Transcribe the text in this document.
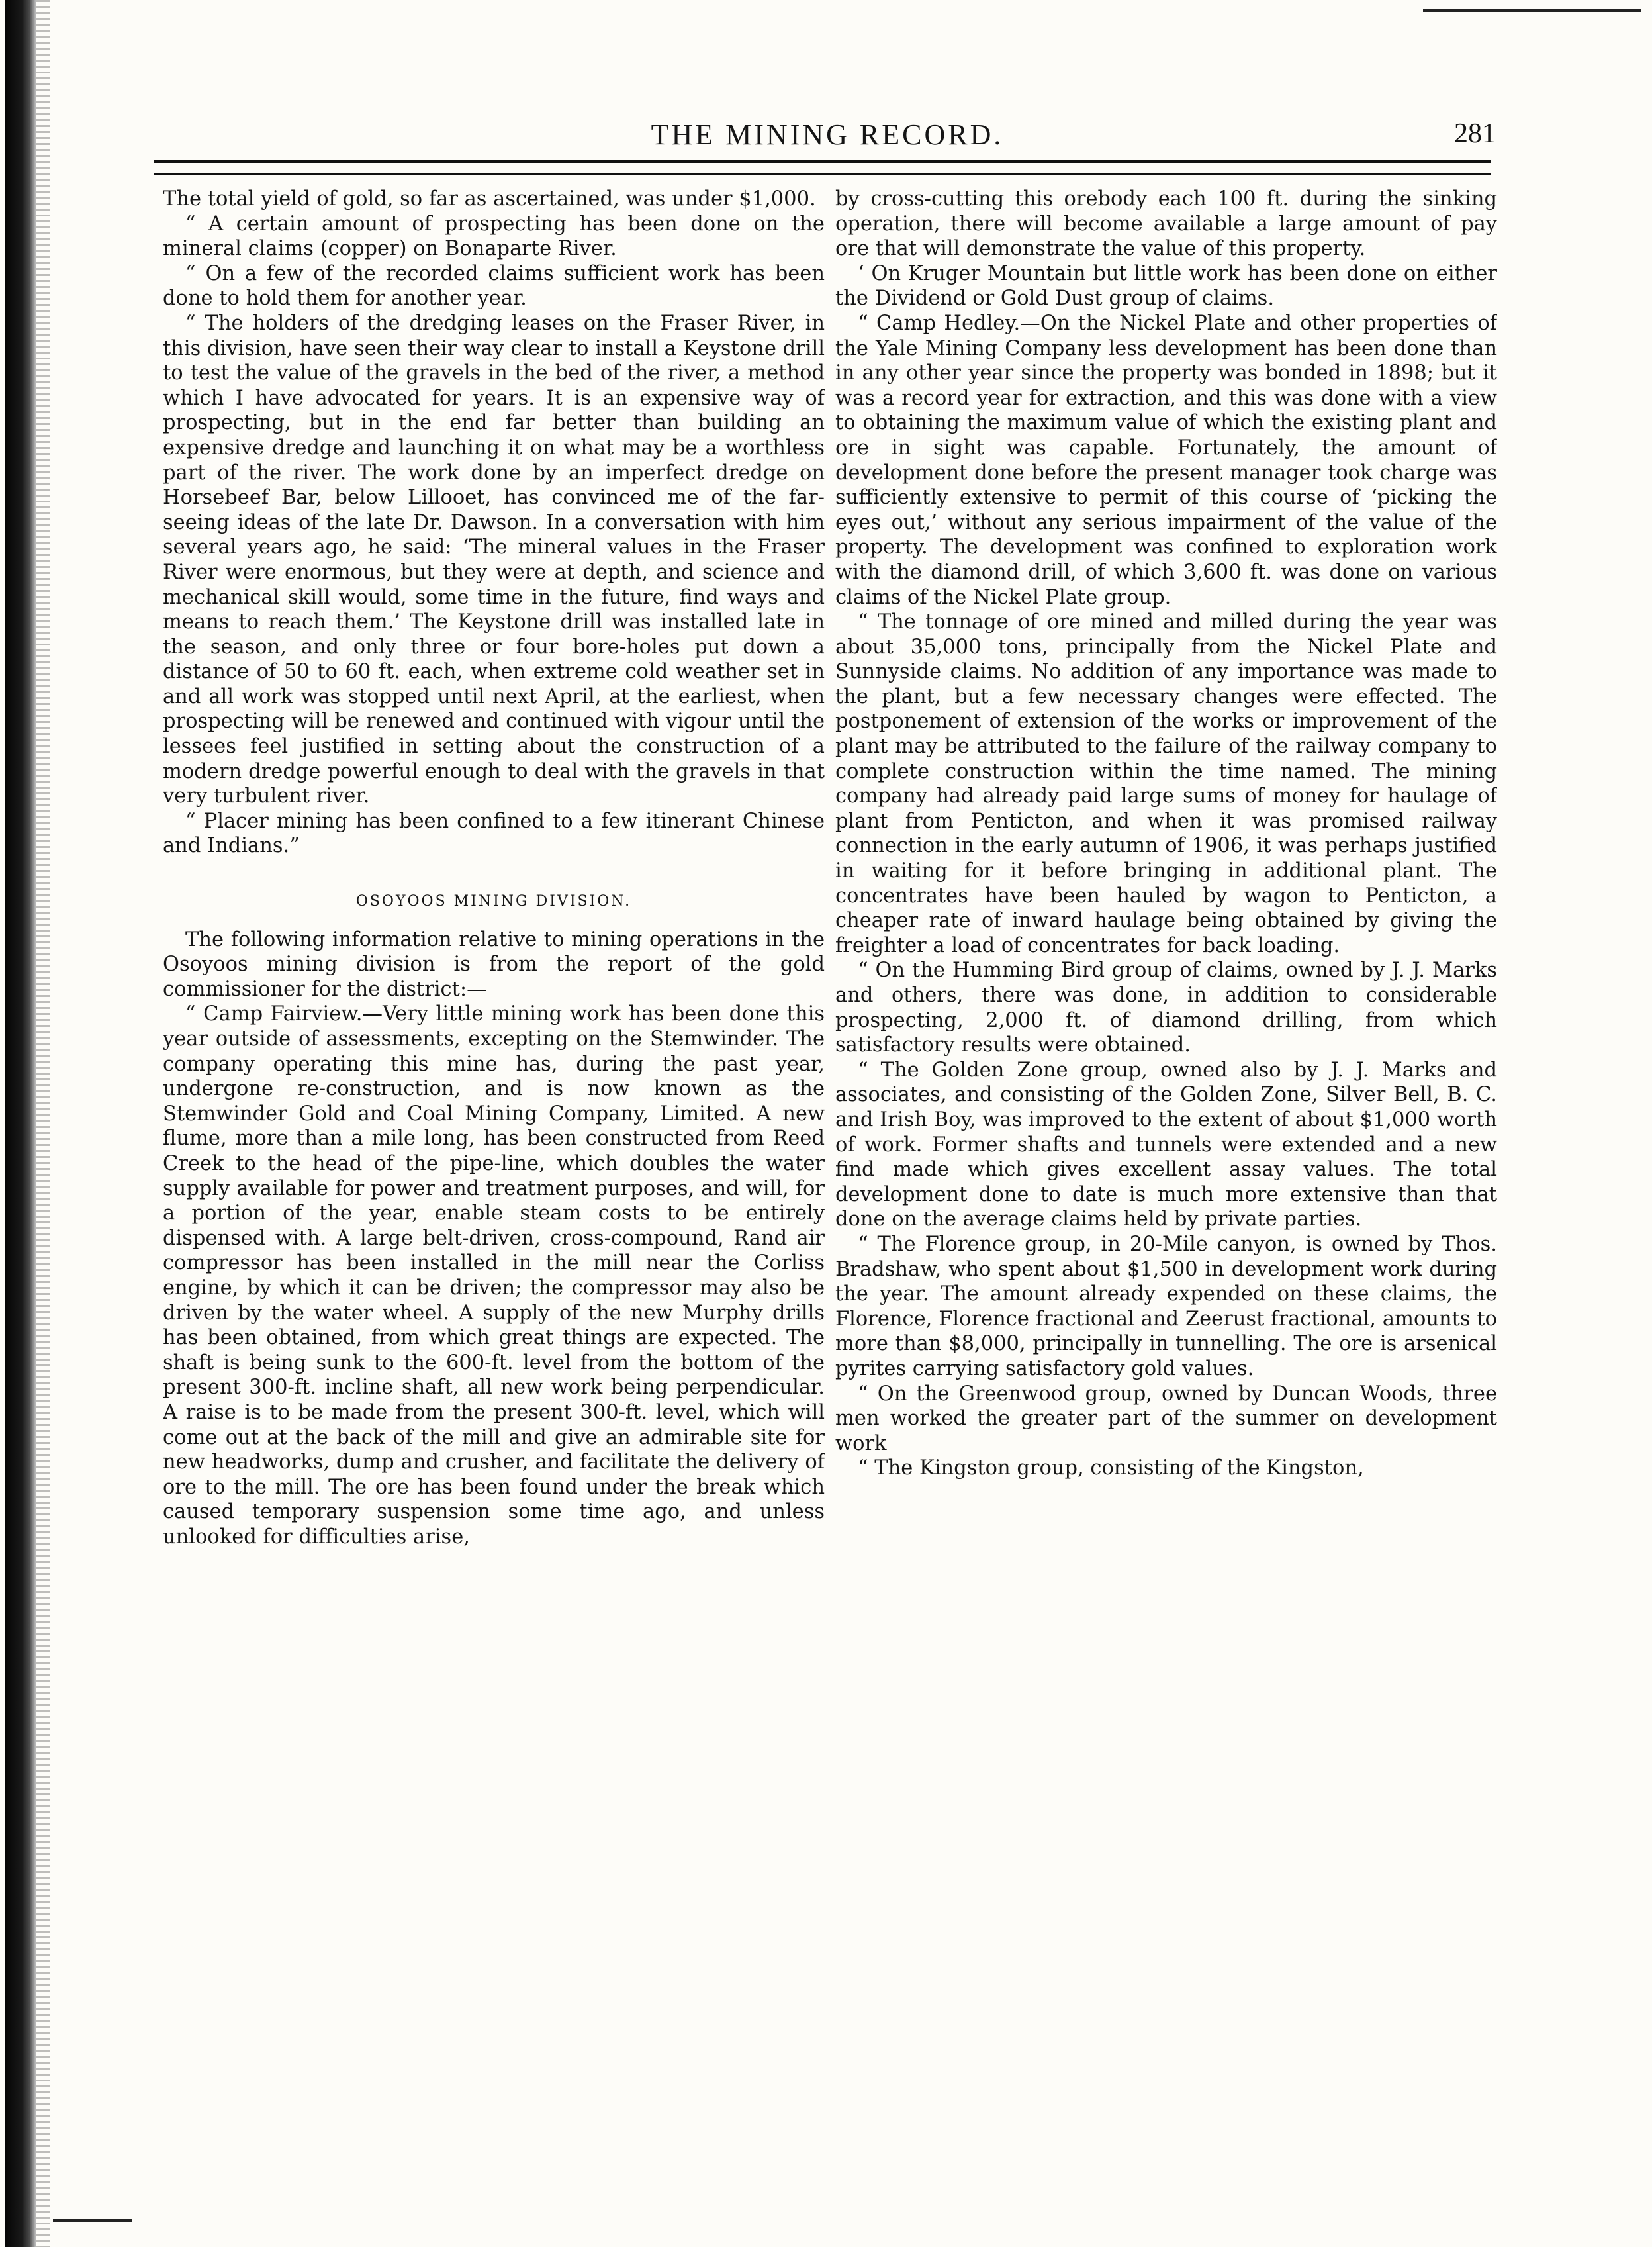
THE MINING RECORD.	281

The total yield of gold, so far as ascertained, was under $1,000.

“ A certain amount of prospecting has been done on the mineral claims (copper) on Bonaparte River.

“ On a few of the recorded claims sufficient work has been done to hold them for another year.

“ The holders of the dredging leases on the Fraser River, in this division, have seen their way clear to install a Keystone drill to test the value of the gravels in the bed of the river, a method which I have advocated for years. It is an expensive way of prospecting, but in the end far better than building an expensive dredge and launching it on what may be a worthless part of the river. The work done by an imperfect dredge on Horsebeef Bar, below Lillooet, has convinced me of the far-seeing ideas of the late Dr. Dawson. In a conversation with him several years ago, he said: ‘The mineral values in the Fraser River were enormous, but they were at depth, and science and mechanical skill would, some time in the future, find ways and means to reach them.’ The Keystone drill was installed late in the season, and only three or four bore-holes put down a distance of 50 to 60 ft. each, when extreme cold weather set in and all work was stopped until next April, at the earliest, when prospecting will be renewed and continued with vigour until the lessees feel justified in setting about the construction of a modern dredge powerful enough to deal with the gravels in that very turbulent river.

“ Placer mining has been confined to a few itinerant Chinese and Indians.”

OSOYOOS MINING DIVISION.

The following information relative to mining operations in the Osoyoos mining division is from the report of the gold commissioner for the district:—

“ Camp Fairview.—Very little mining work has been done this year outside of assessments, excepting on the Stemwinder. The company operating this mine has, during the past year, undergone re-construction, and is now known as the Stemwinder Gold and Coal Mining Company, Limited. A new flume, more than a mile long, has been constructed from Reed Creek to the head of the pipe-line, which doubles the water supply available for power and treatment purposes, and will, for a portion of the year, enable steam costs to be entirely dispensed with. A large belt-driven, cross-compound, Rand air compressor has been installed in the mill near the Corliss engine, by which it can be driven; the compressor may also be driven by the water wheel. A supply of the new Murphy drills has been obtained, from which great things are expected. The shaft is being sunk to the 600-ft. level from the bottom of the present 300-ft. incline shaft, all new work being perpendicular. A raise is to be made from the present 300-ft. level, which will come out at the back of the mill and give an admirable site for new headworks, dump and crusher, and facilitate the delivery of ore to the mill. The ore has been found under the break which caused temporary suspension some time ago, and unless unlooked for difficulties arise,

by cross-cutting this orebody each 100 ft. during the sinking operation, there will become available a large amount of pay ore that will demonstrate the value of this property.

‘ On Kruger Mountain but little work has been done on either the Dividend or Gold Dust group of claims.

“ Camp Hedley.—On the Nickel Plate and other properties of the Yale Mining Company less development has been done than in any other year since the property was bonded in 1898; but it was a record year for extraction, and this was done with a view to obtaining the maximum value of which the existing plant and ore in sight was capable. Fortunately, the amount of development done before the present manager took charge was sufficiently extensive to permit of this course of ‘picking the eyes out,’ without any serious impairment of the value of the property. The development was confined to exploration work with the diamond drill, of which 3,600 ft. was done on various claims of the Nickel Plate group.

“ The tonnage of ore mined and milled during the year was about 35,000 tons, principally from the Nickel Plate and Sunnyside claims. No addition of any importance was made to the plant, but a few necessary changes were effected. The postponement of extension of the works or improvement of the plant may be attributed to the failure of the railway company to complete construction within the time named. The mining company had already paid large sums of money for haulage of plant from Penticton, and when it was promised railway connection in the early autumn of 1906, it was perhaps justified in waiting for it before bringing in additional plant. The concentrates have been hauled by wagon to Penticton, a cheaper rate of inward haulage being obtained by giving the freighter a load of concentrates for back loading.

“ On the Humming Bird group of claims, owned by J. J. Marks and others, there was done, in addition to considerable prospecting, 2,000 ft. of diamond drilling, from which satisfactory results were obtained.

“ The Golden Zone group, owned also by J. J. Marks and associates, and consisting of the Golden Zone, Silver Bell, B. C. and Irish Boy, was improved to the extent of about $1,000 worth of work. Former shafts and tunnels were extended and a new find made which gives excellent assay values. The total development done to date is much more extensive than that done on the average claims held by private parties.

“ The Florence group, in 20-Mile canyon, is owned by Thos. Bradshaw, who spent about $1,500 in development work during the year. The amount already expended on these claims, the Florence, Florence fractional and Zeerust fractional, amounts to more than $8,000, principally in tunnelling. The ore is arsenical pyrites carrying satisfactory gold values.

“ On the Greenwood group, owned by Duncan Woods, three men worked the greater part of the summer on development work

“ The Kingston group, consisting of the Kingston,
